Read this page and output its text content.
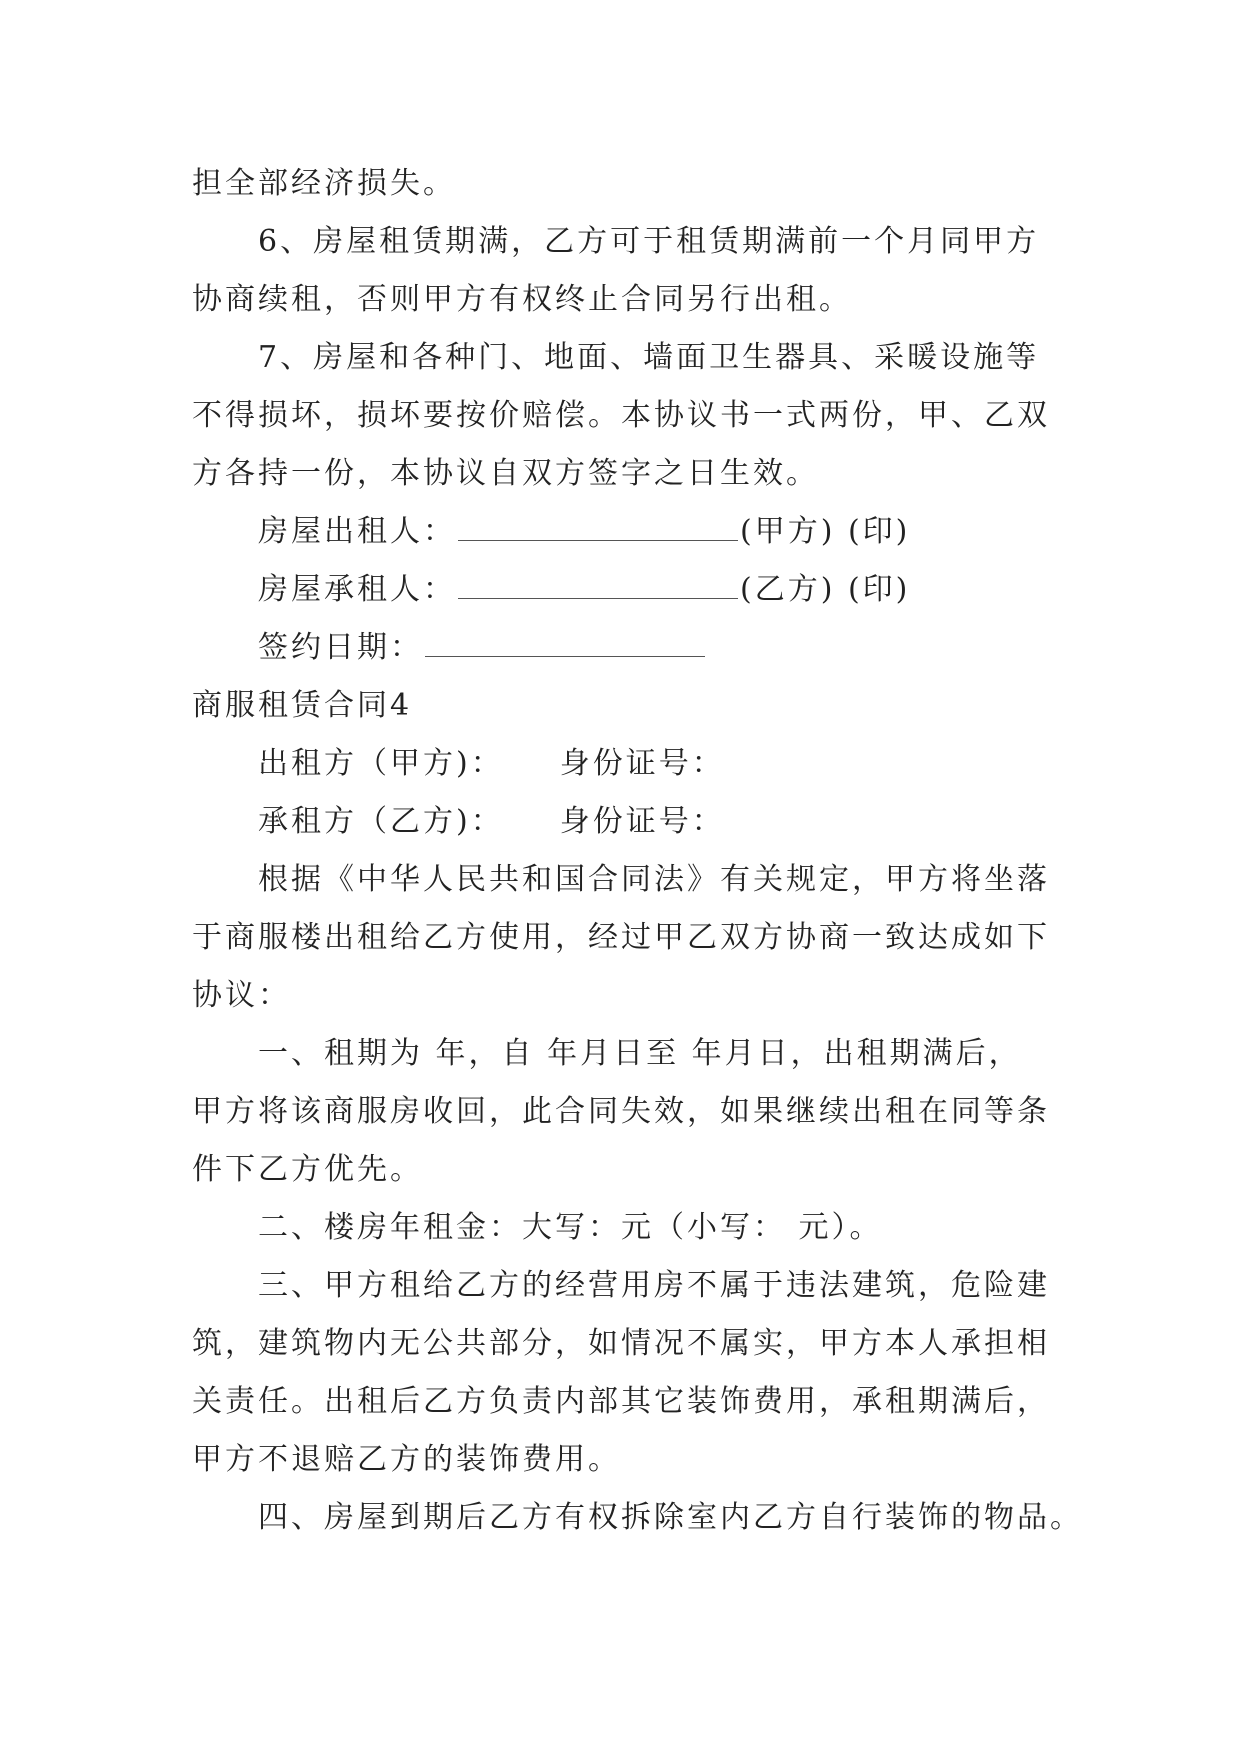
担全部经济损失。
6、房屋租赁期满，乙方可于租赁期满前一个月同甲方
协商续租，否则甲方有权终止合同另行出租。
7、房屋和各种门、地面、墙面卫生器具、采暖设施等
不得损坏，损坏要按价赔偿。本协议书一式两份，甲、乙双
方各持一份，本协议自双方签字之日生效。
房屋出租人：	(甲方) (印)
房屋承租人：	(乙方) (印)
签约日期：
商服租赁合同4
出租方（甲方)： 身份证号：
承租方（乙方)： 身份证号：
根据《中华人民共和国合同法》有关规定，甲方将坐落
于商服楼出租给乙方使用，经过甲乙双方协商一致达成如下
协议：
一、租期为 年，自 年月日至 年月日，出租期满后，
甲方将该商服房收回，此合同失效，如果继续出租在同等条
件下乙方优先。
二、楼房年租金：大写：元（小写： 元）。
三、甲方租给乙方的经营用房不属于违法建筑，危险建
筑，建筑物内无公共部分，如情况不属实，甲方本人承担相
关责任。出租后乙方负责内部其它装饰费用，承租期满后，
甲方不退赔乙方的装饰费用。
四、房屋到期后乙方有权拆除室内乙方自行装饰的物品。
